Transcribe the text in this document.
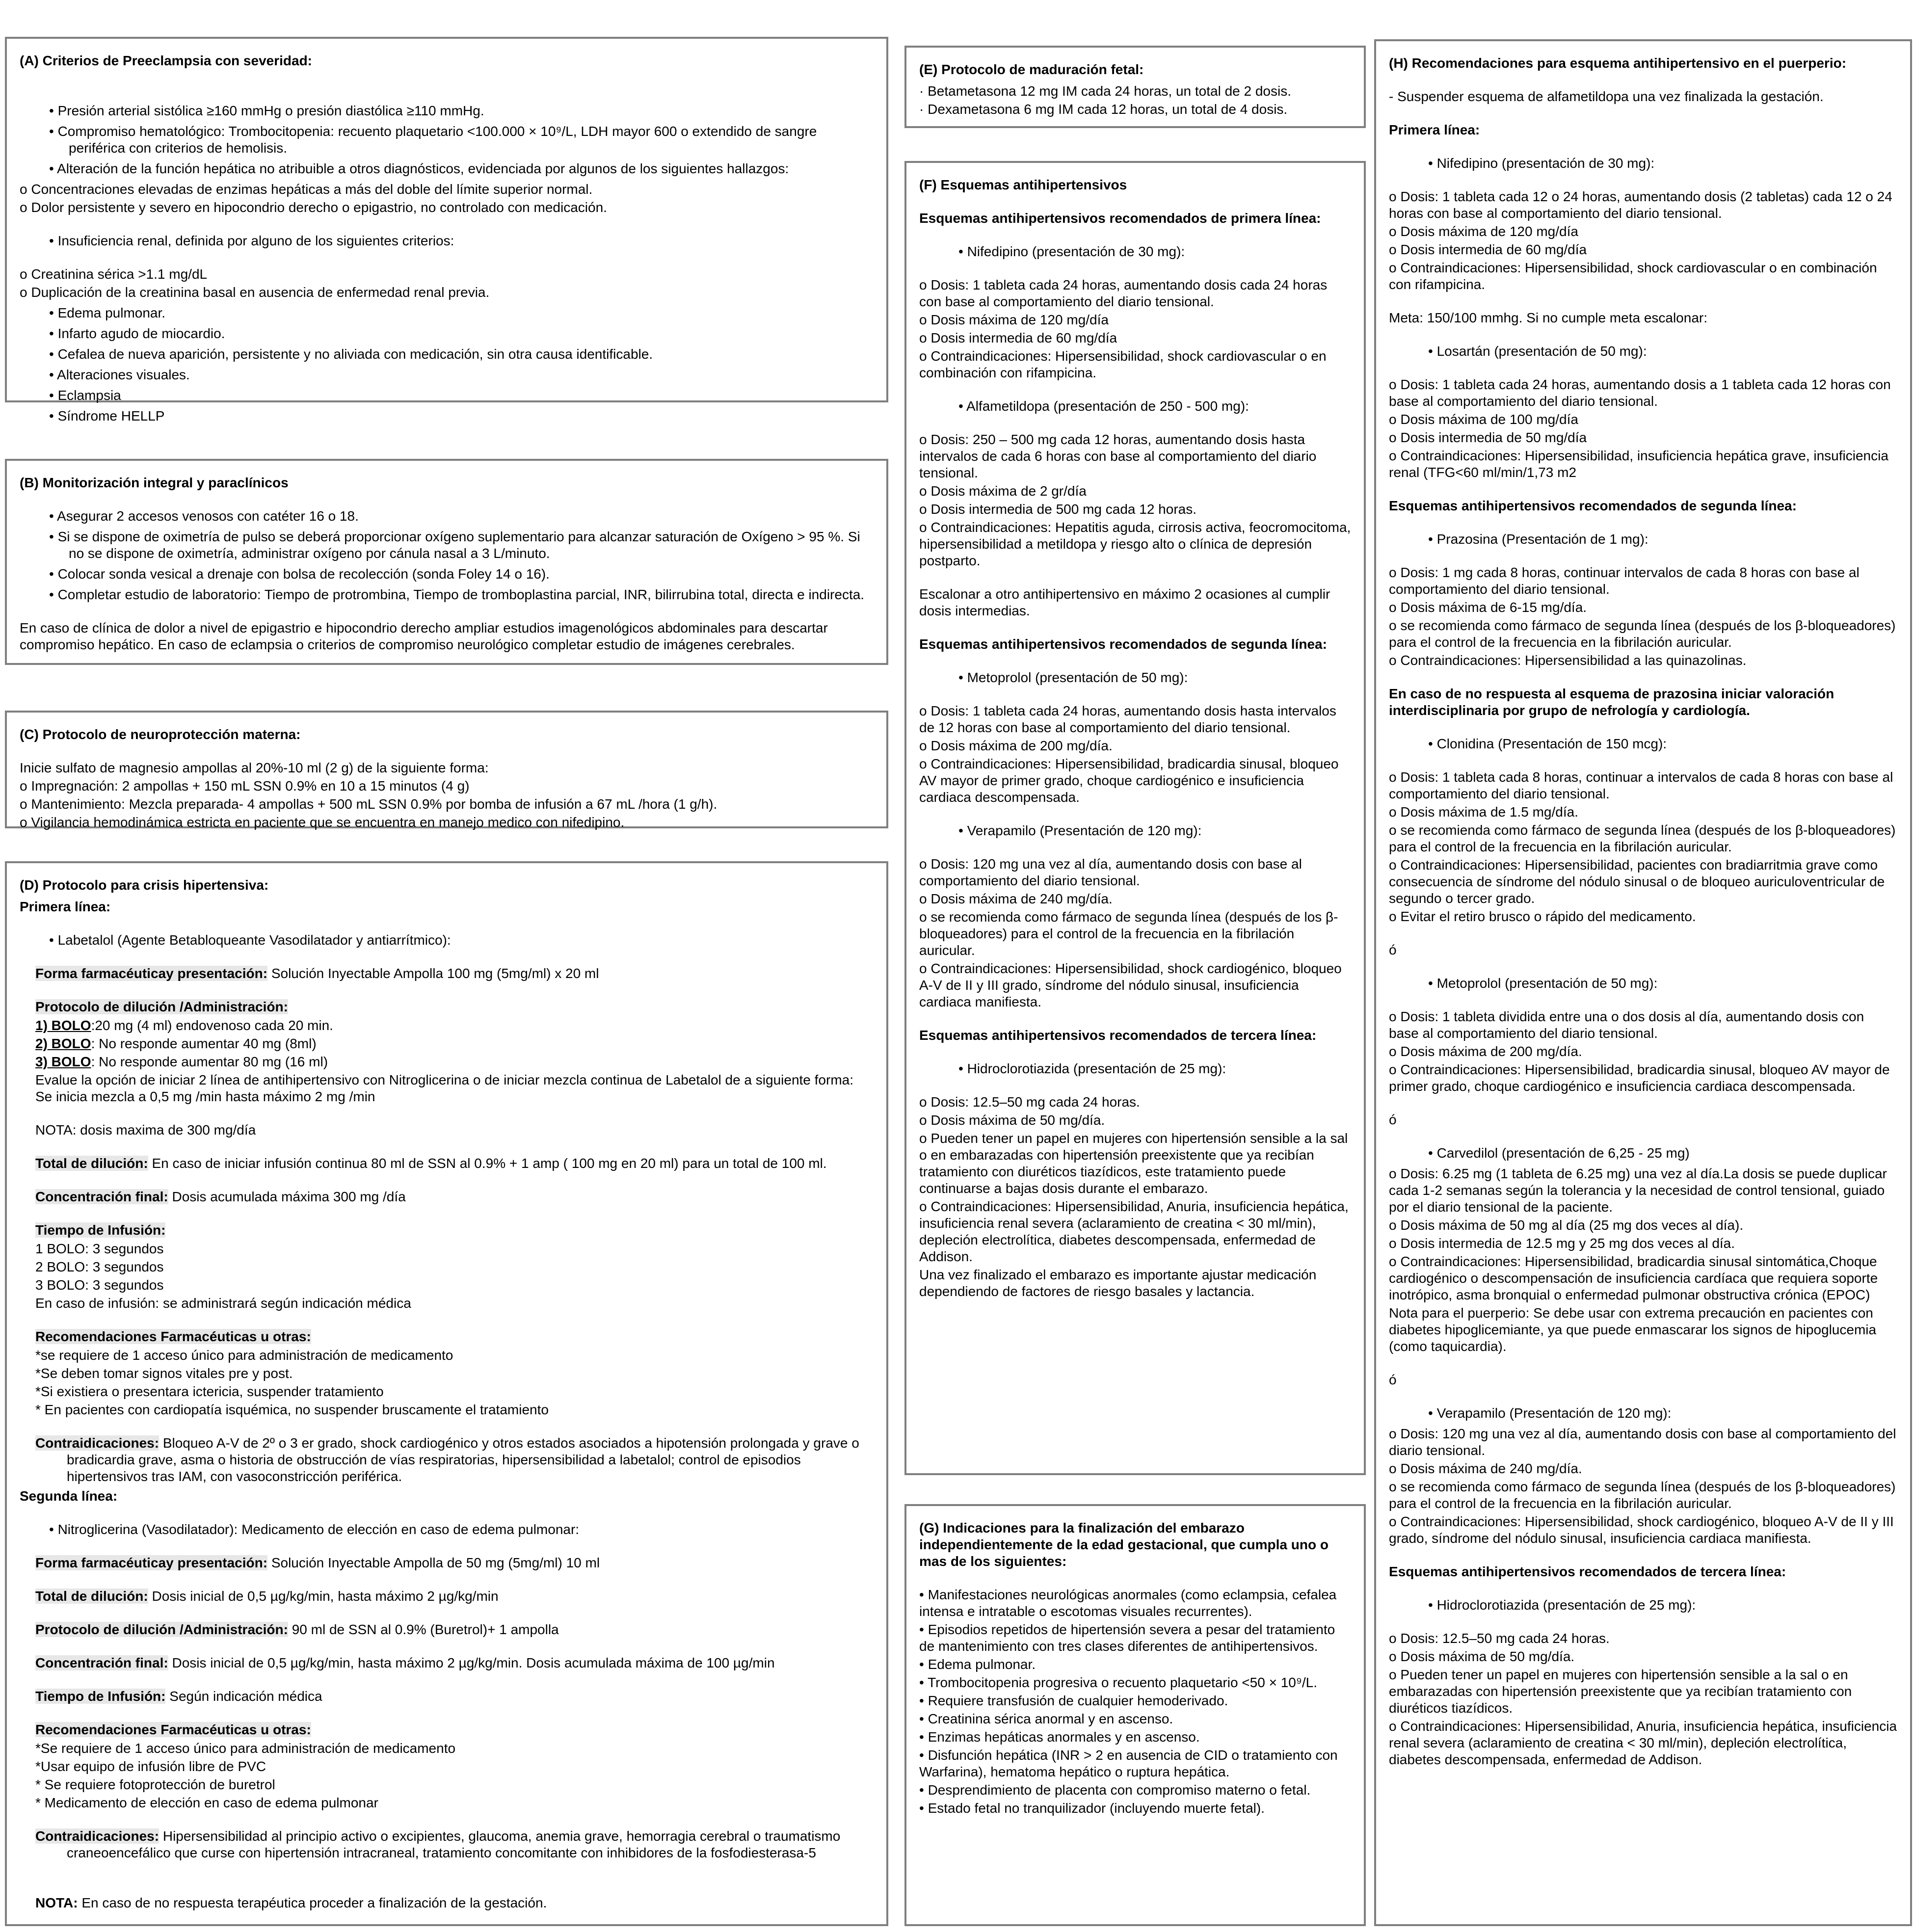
(A) Criterios de Preeclampsia con severidad:
• Presión arterial sistólica ≥160 mmHg o presión diastólica ≥110 mmHg.
• Compromiso hematológico: Trombocitopenia: recuento plaquetario <100.000 × 10⁹/L, LDH mayor 600 o extendido de sangre periférica con criterios de hemolisis.
• Alteración de la función hepática no atribuible a otros diagnósticos, evidenciada por algunos de los siguientes hallazgos:
o Concentraciones elevadas de enzimas hepáticas a más del doble del límite superior normal.
o Dolor persistente y severo en hipocondrio derecho o epigastrio, no controlado con medicación.
• Insuficiencia renal, definida por alguno de los siguientes criterios:
o Creatinina sérica >1.1 mg/dL
o Duplicación de la creatinina basal en ausencia de enfermedad renal previa.
• Edema pulmonar.
• Infarto agudo de miocardio.
• Cefalea de nueva aparición, persistente y no aliviada con medicación, sin otra causa identificable.
• Alteraciones visuales.
• Eclampsia
• Síndrome HELLP
(B) Monitorización integral y paraclínicos
• Asegurar 2 accesos venosos con catéter 16 o 18.
• Si se dispone de oximetría de pulso se deberá proporcionar oxígeno suplementario para alcanzar saturación de Oxígeno > 95 %. Si no se dispone de oximetría, administrar oxígeno por cánula nasal a 3 L/minuto.
• Colocar sonda vesical a drenaje con bolsa de recolección (sonda Foley 14 o 16).
• Completar estudio de laboratorio: Tiempo de protrombina, Tiempo de tromboplastina parcial, INR, bilirrubina total, directa e indirecta.
En caso de clínica de dolor a nivel de epigastrio e hipocondrio derecho ampliar estudios imagenológicos abdominales para descartar compromiso hepático. En caso de eclampsia o criterios de compromiso neurológico completar estudio de imágenes cerebrales.
(C) Protocolo de neuroprotección materna:
Inicie sulfato de magnesio ampollas al 20%-10 ml (2 g) de la siguiente forma:
o Impregnación: 2 ampollas + 150 mL SSN 0.9% en 10 a 15 minutos (4 g)
o Mantenimiento: Mezcla preparada- 4 ampollas + 500 mL SSN 0.9% por bomba de infusión a 67 mL /hora (1 g/h).
o Vigilancia hemodinámica estricta en paciente que se encuentra en manejo medico con nifedipino.
(D) Protocolo para crisis hipertensiva:
Primera línea:
• Labetalol (Agente Betabloqueante Vasodilatador y antiarrítmico):
Forma farmacéuticay presentación: Solución Inyectable Ampolla 100 mg (5mg/ml) x 20 ml
Protocolo de dilución /Administración:
1) BOLO:20 mg (4 ml) endovenoso cada 20 min.
2) BOLO: No responde aumentar 40 mg (8ml)
3) BOLO: No responde aumentar 80 mg (16 ml)
Evalue la opción de iniciar 2 línea de antihipertensivo con Nitroglicerina o de iniciar mezcla continua de Labetalol de a siguiente forma: Se inicia mezcla a 0,5 mg /min hasta máximo 2 mg /min
NOTA: dosis maxima de 300 mg/día
Total de dilución: En caso de iniciar infusión continua 80 ml de SSN al 0.9% + 1 amp ( 100 mg en 20 ml) para un total de 100 ml.
Concentración final: Dosis acumulada máxima 300 mg /día
Tiempo de Infusión:
1 BOLO: 3 segundos
2 BOLO: 3 segundos
3 BOLO: 3 segundos
En caso de infusión: se administrará según indicación médica
Recomendaciones Farmacéuticas u otras:
*se requiere de 1 acceso único para administración de medicamento
*Se deben tomar signos vitales pre y post.
*Si existiera o presentara ictericia, suspender tratamiento
* En pacientes con cardiopatía isquémica, no suspender bruscamente el tratamiento
Contraidicaciones: Bloqueo A-V de 2º o 3 er grado, shock cardiogénico y otros estados asociados a hipotensión prolongada y grave o bradicardia grave, asma o historia de obstrucción de vías respiratorias, hipersensibilidad a labetalol; control de episodios hipertensivos tras IAM, con vasoconstricción periférica.
Segunda línea:
• Nitroglicerina (Vasodilatador): Medicamento de elección en caso de edema pulmonar:
Forma farmacéuticay presentación: Solución Inyectable Ampolla de 50 mg (5mg/ml) 10 ml
Total de dilución: Dosis inicial de 0,5 µg/kg/min, hasta máximo 2 µg/kg/min
Protocolo de dilución /Administración: 90 ml de SSN al 0.9% (Buretrol)+ 1 ampolla
Concentración final: Dosis inicial de 0,5 µg/kg/min, hasta máximo 2 µg/kg/min. Dosis acumulada máxima de 100 µg/min
Tiempo de Infusión: Según indicación médica
Recomendaciones Farmacéuticas u otras:
*Se requiere de 1 acceso único para administración de medicamento
*Usar equipo de infusión libre de PVC
* Se requiere fotoprotección de buretrol
* Medicamento de elección en caso de edema pulmonar
Contraidicaciones: Hipersensibilidad al principio activo o excipientes, glaucoma, anemia grave, hemorragia cerebral o traumatismo craneoencefálico que curse con hipertensión intracraneal, tratamiento concomitante con inhibidores de la fosfodiesterasa-5
NOTA: En caso de no respuesta terapéutica proceder a finalización de la gestación.
(E) Protocolo de maduración fetal:
· Betametasona 12 mg IM cada 24 horas, un total de 2 dosis.
· Dexametasona 6 mg IM cada 12 horas, un total de 4 dosis.
(F) Esquemas antihipertensivos
Esquemas antihipertensivos recomendados de primera línea:
• Nifedipino (presentación de 30 mg):
o Dosis: 1 tableta cada 24 horas, aumentando dosis cada 24 horas con base al comportamiento del diario tensional.
o Dosis máxima de 120 mg/día
o Dosis intermedia de 60 mg/día
o Contraindicaciones: Hipersensibilidad, shock cardiovascular o en combinación con rifampicina.
• Alfametildopa (presentación de 250 - 500 mg):
o Dosis: 250 – 500 mg cada 12 horas, aumentando dosis hasta intervalos de cada 6 horas con base al comportamiento del diario tensional.
o Dosis máxima de 2 gr/día
o Dosis intermedia de 500 mg cada 12 horas.
o Contraindicaciones: Hepatitis aguda, cirrosis activa, feocromocitoma, hipersensibilidad a metildopa y riesgo alto o clínica de depresión postparto.
Escalonar a otro antihipertensivo en máximo 2 ocasiones al cumplir dosis intermedias.
Esquemas antihipertensivos recomendados de segunda línea:
• Metoprolol (presentación de 50 mg):
o Dosis: 1 tableta cada 24 horas, aumentando dosis hasta intervalos de 12 horas con base al comportamiento del diario tensional.
o Dosis máxima de 200 mg/día.
o Contraindicaciones: Hipersensibilidad, bradicardia sinusal, bloqueo AV mayor de primer grado, choque cardiogénico e insuficiencia cardiaca descompensada.
• Verapamilo (Presentación de 120 mg):
o Dosis: 120 mg una vez al día, aumentando dosis con base al comportamiento del diario tensional.
o Dosis máxima de 240 mg/día.
o se recomienda como fármaco de segunda línea (después de los β-bloqueadores) para el control de la frecuencia en la fibrilación auricular.
o Contraindicaciones: Hipersensibilidad, shock cardiogénico, bloqueo A-V de II y III grado, síndrome del nódulo sinusal, insuficiencia cardiaca manifiesta.
Esquemas antihipertensivos recomendados de tercera línea:
• Hidroclorotiazida (presentación de 25 mg):
o Dosis: 12.5–50 mg cada 24 horas.
o Dosis máxima de 50 mg/día.
o Pueden tener un papel en mujeres con hipertensión sensible a la sal o en embarazadas con hipertensión preexistente que ya recibían tratamiento con diuréticos tiazídicos, este tratamiento puede continuarse a bajas dosis durante el embarazo.
o Contraindicaciones: Hipersensibilidad, Anuria, insuficiencia hepática, insuficiencia renal severa (aclaramiento de creatina < 30 ml/min), depleción electrolítica, diabetes descompensada, enfermedad de Addison.
Una vez finalizado el embarazo es importante ajustar medicación dependiendo de factores de riesgo basales y lactancia.
(G) Indicaciones para la finalización del embarazo independientemente de la edad gestacional, que cumpla uno o mas de los siguientes:
• Manifestaciones neurológicas anormales (como eclampsia, cefalea intensa e intratable o escotomas visuales recurrentes).
• Episodios repetidos de hipertensión severa a pesar del tratamiento de mantenimiento con tres clases diferentes de antihipertensivos.
• Edema pulmonar.
• Trombocitopenia progresiva o recuento plaquetario <50 × 10⁹/L.
• Requiere transfusión de cualquier hemoderivado.
• Creatinina sérica anormal y en ascenso.
• Enzimas hepáticas anormales y en ascenso.
• Disfunción hepática (INR > 2 en ausencia de CID o tratamiento con Warfarina), hematoma hepático o ruptura hepática.
• Desprendimiento de placenta con compromiso materno o fetal.
• Estado fetal no tranquilizador (incluyendo muerte fetal).
(H) Recomendaciones para esquema antihipertensivo en el puerperio:
- Suspender esquema de alfametildopa una vez finalizada la gestación.
Primera línea:
• Nifedipino (presentación de 30 mg):
o Dosis: 1 tableta cada 12 o 24 horas, aumentando dosis (2 tabletas) cada 12 o 24 horas con base al comportamiento del diario tensional.
o Dosis máxima de 120 mg/día
o Dosis intermedia de 60 mg/día
o Contraindicaciones: Hipersensibilidad, shock cardiovascular o en combinación con rifampicina.
Meta: 150/100 mmhg. Si no cumple meta escalonar:
• Losartán (presentación de 50 mg):
o Dosis: 1 tableta cada 24 horas, aumentando dosis a 1 tableta cada 12 horas con base al comportamiento del diario tensional.
o Dosis máxima de 100 mg/día
o Dosis intermedia de 50 mg/día
o Contraindicaciones: Hipersensibilidad, insuficiencia hepática grave, insuficiencia renal (TFG<60 ml/min/1,73 m2
Esquemas antihipertensivos recomendados de segunda línea:
• Prazosina (Presentación de 1 mg):
o Dosis: 1 mg cada 8 horas, continuar intervalos de cada 8 horas con base al comportamiento del diario tensional.
o Dosis máxima de 6-15 mg/día.
o se recomienda como fármaco de segunda línea (después de los β-bloqueadores) para el control de la frecuencia en la fibrilación auricular.
o Contraindicaciones: Hipersensibilidad a las quinazolinas.
En caso de no respuesta al esquema de prazosina iniciar valoración interdisciplinaria por grupo de nefrología y cardiología.
• Clonidina (Presentación de 150 mcg):
o Dosis: 1 tableta cada 8 horas, continuar a intervalos de cada 8 horas con base al comportamiento del diario tensional.
o Dosis máxima de 1.5 mg/día.
o se recomienda como fármaco de segunda línea (después de los β-bloqueadores) para el control de la frecuencia en la fibrilación auricular.
o Contraindicaciones: Hipersensibilidad, pacientes con bradiarritmia grave como consecuencia de síndrome del nódulo sinusal o de bloqueo auriculoventricular de segundo o tercer grado.
o Evitar el retiro brusco o rápido del medicamento.
ó
• Metoprolol (presentación de 50 mg):
o Dosis: 1 tableta dividida entre una o dos dosis al día, aumentando dosis con base al comportamiento del diario tensional.
o Dosis máxima de 200 mg/día.
o Contraindicaciones: Hipersensibilidad, bradicardia sinusal, bloqueo AV mayor de primer grado, choque cardiogénico e insuficiencia cardiaca descompensada.
ó
• Carvedilol (presentación de 6,25 - 25 mg)
o Dosis: 6.25 mg (1 tableta de 6.25 mg) una vez al día.La dosis se puede duplicar cada 1-2 semanas según la tolerancia y la necesidad de control tensional, guiado por el diario tensional de la paciente.
o Dosis máxima de 50 mg al día (25 mg dos veces al día).
o Dosis intermedia de 12.5 mg y 25 mg dos veces al día.
o Contraindicaciones: Hipersensibilidad, bradicardia sinusal sintomática,Choque cardiogénico o descompensación de insuficiencia cardíaca que requiera soporte inotrópico, asma bronquial o enfermedad pulmonar obstructiva crónica (EPOC)
Nota para el puerperio: Se debe usar con extrema precaución en pacientes con diabetes hipoglicemiante, ya que puede enmascarar los signos de hipoglucemia (como taquicardia).
ó
• Verapamilo (Presentación de 120 mg):
o Dosis: 120 mg una vez al día, aumentando dosis con base al comportamiento del diario tensional.
o Dosis máxima de 240 mg/día.
o se recomienda como fármaco de segunda línea (después de los β-bloqueadores) para el control de la frecuencia en la fibrilación auricular.
o Contraindicaciones: Hipersensibilidad, shock cardiogénico, bloqueo A-V de II y III grado, síndrome del nódulo sinusal, insuficiencia cardiaca manifiesta.
Esquemas antihipertensivos recomendados de tercera línea:
• Hidroclorotiazida (presentación de 25 mg):
o Dosis: 12.5–50 mg cada 24 horas.
o Dosis máxima de 50 mg/día.
o Pueden tener un papel en mujeres con hipertensión sensible a la sal o en embarazadas con hipertensión preexistente que ya recibían tratamiento con diuréticos tiazídicos.
o Contraindicaciones: Hipersensibilidad, Anuria, insuficiencia hepática, insuficiencia renal severa (aclaramiento de creatina < 30 ml/min), depleción electrolítica, diabetes descompensada, enfermedad de Addison.
